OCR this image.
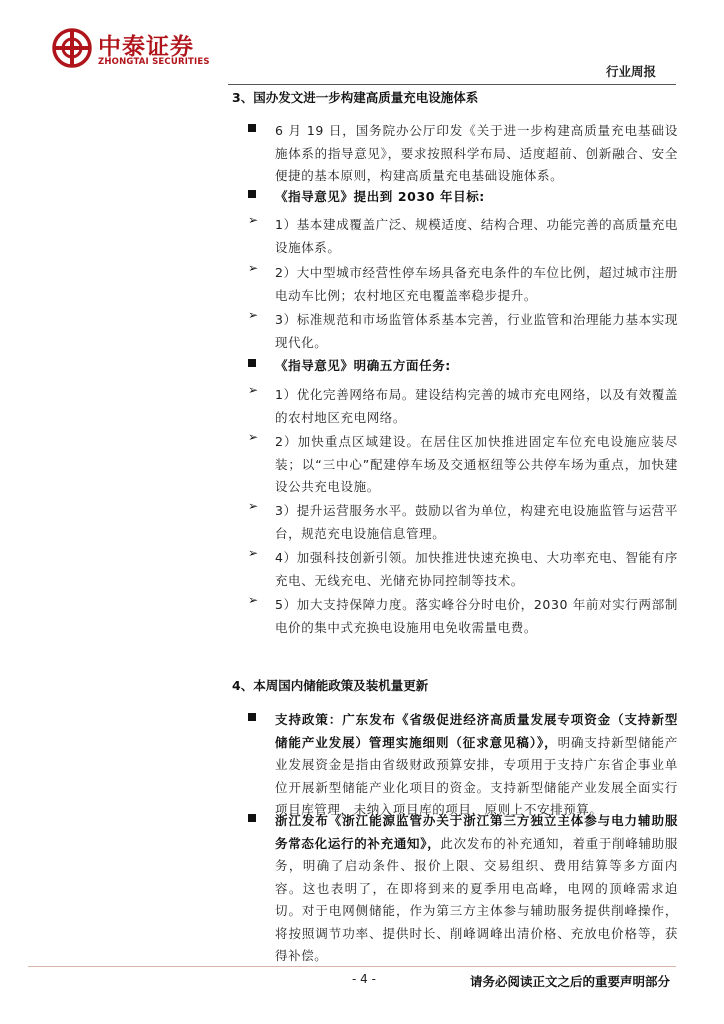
中泰证券
ZHONGTAI SECURITIES
行业周报
3、国办发文进一步构建高质量充电设施体系
6 月 19 日，国务院办公厅印发《关于进一步构建高质量充电基础设施体系的指导意见》，要求按照科学布局、适度超前、创新融合、安全便捷的基本原则，构建高质量充电基础设施体系。
《指导意见》提出到 2030 年目标:
➢	1）基本建成覆盖广泛、规模适度、结构合理、功能完善的高质量充电设施体系。
➢	2）大中型城市经营性停车场具备充电条件的车位比例，超过城市注册电动车比例；农村地区充电覆盖率稳步提升。
➢	3）标准规范和市场监管体系基本完善，行业监管和治理能力基本实现现代化。
《指导意见》明确五方面任务:
➢	1）优化完善网络布局。建设结构完善的城市充电网络，以及有效覆盖的农村地区充电网络。
➢	2）加快重点区域建设。在居住区加快推进固定车位充电设施应装尽装；以“三中心”配建停车场及交通枢纽等公共停车场为重点，加快建设公共充电设施。
➢	3）提升运营服务水平。鼓励以省为单位，构建充电设施监管与运营平台，规范充电设施信息管理。
➢	4）加强科技创新引领。加快推进快速充换电、大功率充电、智能有序充电、无线充电、光储充协同控制等技术。
➢	5）加大支持保障力度。落实峰谷分时电价，2030 年前对实行两部制电价的集中式充换电设施用电免收需量电费。
4、本周国内储能政策及装机量更新
支持政策：广东发布《省级促进经济高质量发展专项资金（支持新型储能产业发展）管理实施细则（征求意见稿）》，明确支持新型储能产业发展资金是指由省级财政预算安排，专项用于支持广东省企事业单位开展新型储能产业化项目的资金。支持新型储能产业发展全面实行项目库管理，未纳入项目库的项目，原则上不安排预算。
浙江发布《浙江能源监管办关于浙江第三方独立主体参与电力辅助服务常态化运行的补充通知》，此次发布的补充通知，着重于削峰辅助服务，明确了启动条件、报价上限、交易组织、费用结算等多方面内容。这也表明了，在即将到来的夏季用电高峰，电网的顶峰需求迫切。对于电网侧储能，作为第三方主体参与辅助服务提供削峰操作，将按照调节功率、提供时长、削峰调峰出清价格、充放电价格等，获得补偿。
- 4 -	请务必阅读正文之后的重要声明部分
